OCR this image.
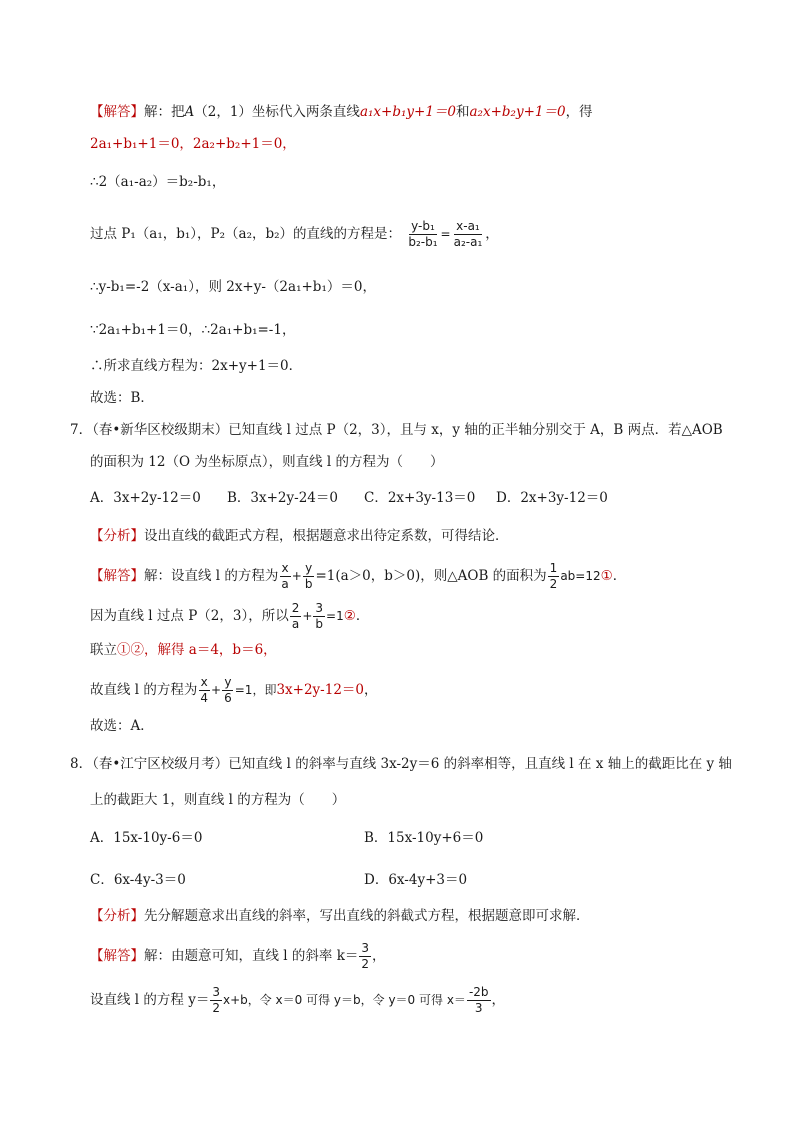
【解答】解：把A（2，1）坐标代入两条直线a₁x+b₁y+1＝0和a₂x+b₂y+1＝0，得
2a₁+b₁+1＝0，2a₂+b₂+1＝0，
∴2（a₁-a₂）＝b₂-b₁，
过点 P₁（a₁，b₁），P₂（a₂，b₂）的直线的方程是： $\frac{\text{y-b₁}}{\text{b₂-b₁}} = \frac{\text{x-a₁}}{\text{a₂-a₁}}$ ，
∴y-b₁=-2（x-a₁），则 2x+y-（2a₁+b₁）＝0，
∵2a₁+b₁+1＝0，∴2a₁+b₁=-1，
∴所求直线方程为：2x+y+1＝0．
故选：B．
7．（春•新华区校级期末）已知直线 l 过点 P（2，3），且与 x，y 轴的正半轴分别交于 A，B 两点．若△AOB
的面积为 12（O 为坐标原点），则直线 l 的方程为（　　）
A．3x+2y-12＝0 B．3x+2y-24＝0 C．2x+3y-13＝0 D．2x+3y-12＝0
【分析】设出直线的截距式方程，根据题意求出待定系数，可得结论．
【解答】解：设直线 l 的方程为 $\frac{x}{a} + \frac{y}{b} =1(a>0$，b＞0)，则△AOB 的面积为 $\frac{1}{2}$ ab=12①．
因为直线 l 过点 P（2，3），所以 $\frac{2}{a} + \frac{3}{b}$ =1②．
联立①②，解得 a＝4，b＝6，
故直线 l 的方程为 $\frac{x}{4} + \frac{y}{6} =1$，即3x+2y-12＝0，
故选：A．
8．（春•江宁区校级月考）已知直线 l 的斜率与直线 3x-2y＝6 的斜率相等，且直线 l 在 x 轴上的截距比在 y 轴
上的截距大 1，则直线 l 的方程为（　　）
A．15x-10y-6＝0	B．15x-10y+6＝0
C．6x-4y-3＝0	D．6x-4y+3＝0
【分析】先分解题意求出直线的斜率，写出直线的斜截式方程，根据题意即可求解．
【解答】解：由题意可知，直线 l 的斜率 $k= \frac{3}{2}$ ，
设直线 l 的方程 $y= \frac{3}{2} x+b$，令 x＝0 可得 y＝b，令 y＝0 可得 $x= \frac{-2b}{3}$ ，
